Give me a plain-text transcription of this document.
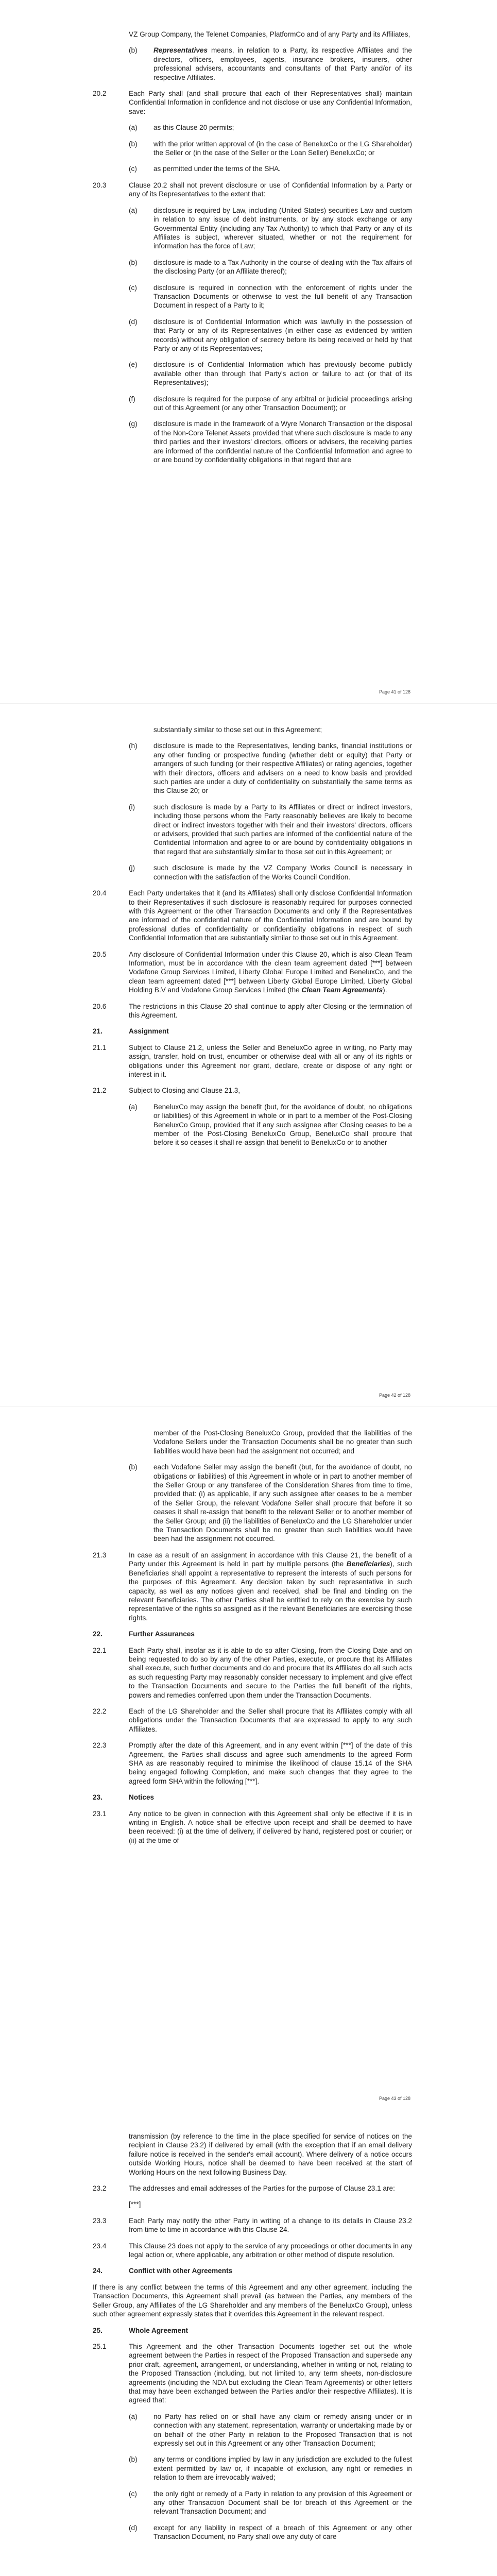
VZ Group Company, the Telenet Companies, PlatformCo and of any Party and its Affiliates,

(b)	Representatives means, in relation to a Party, its respective Affiliates and the directors, officers, employees, agents, insurance brokers, insurers, other professional advisers, accountants and consultants of that Party and/or of its respective Affiliates.
20.2	Each Party shall (and shall procure that each of their Representatives shall) maintain Confidential Information in confidence and not disclose or use any Confidential Information, save:
(a)	as this Clause 20 permits;
(b)	with the prior written approval of (in the case of BeneluxCo or the LG Shareholder) the Seller or (in the case of the Seller or the Loan Seller) BeneluxCo; or
(c)	as permitted under the terms of the SHA.
20.3	Clause 20.2 shall not prevent disclosure or use of Confidential Information by a Party or any of its Representatives to the extent that:
(a)	disclosure is required by Law, including (United States) securities Law and custom in relation to any issue of debt instruments, or by any stock exchange or any Governmental Entity (including any Tax Authority) to which that Party or any of its Affiliates is subject, wherever situated, whether or not the requirement for information has the force of Law;
(b)	disclosure is made to a Tax Authority in the course of dealing with the Tax affairs of the disclosing Party (or an Affiliate thereof);
(c)	disclosure is required in connection with the enforcement of rights under the Transaction Documents or otherwise to vest the full benefit of any Transaction Document in respect of a Party to it;
(d)	disclosure is of Confidential Information which was lawfully in the possession of that Party or any of its Representatives (in either case as evidenced by written records) without any obligation of secrecy before its being received or held by that Party or any of its Representatives;
(e)	disclosure is of Confidential Information which has previously become publicly available other than through that Party's action or failure to act (or that of its Representatives);
(f)	disclosure is required for the purpose of any arbitral or judicial proceedings arising out of this Agreement (or any other Transaction Document); or
(g)	disclosure is made in the framework of a Wyre Monarch Transaction or the disposal of the Non-Core Telenet Assets provided that where such disclosure is made to any third parties and their investors' directors, officers or advisers, the receiving parties are informed of the confidential nature of the Confidential Information and agree to or are bound by confidentiality obligations in that regard that are
Page 41 of 128

substantially similar to those set out in this Agreement;

(h)	disclosure is made to the Representatives, lending banks, financial institutions or any other funding or prospective funding (whether debt or equity) that Party or arrangers of such funding (or their respective Affiliates) or rating agencies, together with their directors, officers and advisers on a need to know basis and provided such parties are under a duty of confidentiality on substantially the same terms as this Clause 20; or
(i)	such disclosure is made by a Party to its Affiliates or direct or indirect investors, including those persons whom the Party reasonably believes are likely to become direct or indirect investors together with their and their investors' directors, officers or advisers, provided that such parties are informed of the confidential nature of the Confidential Information and agree to or are bound by confidentiality obligations in that regard that are substantially similar to those set out in this Agreement; or
(j)	such disclosure is made by the VZ Company Works Council is necessary in connection with the satisfaction of the Works Council Condition.
20.4	Each Party undertakes that it (and its Affiliates) shall only disclose Confidential Information to their Representatives if such disclosure is reasonably required for purposes connected with this Agreement or the other Transaction Documents and only if the Representatives are informed of the confidential nature of the Confidential Information and are bound by professional duties of confidentiality or confidentiality obligations in respect of such Confidential Information that are substantially similar to those set out in this Agreement.
20.5	Any disclosure of Confidential Information under this Clause 20, which is also Clean Team Information, must be in accordance with the clean team agreement dated [***] between Vodafone Group Services Limited, Liberty Global Europe Limited and BeneluxCo, and the clean team agreement dated [***] between Liberty Global Europe Limited, Liberty Global Holding B.V and Vodafone Group Services Limited (the Clean Team Agreements).
20.6	The restrictions in this Clause 20 shall continue to apply after Closing or the termination of this Agreement.
21.	Assignment
21.1	Subject to Clause 21.2, unless the Seller and BeneluxCo agree in writing, no Party may assign, transfer, hold on trust, encumber or otherwise deal with all or any of its rights or obligations under this Agreement nor grant, declare, create or dispose of any right or interest in it.
21.2	Subject to Closing and Clause 21.3,
(a)	BeneluxCo may assign the benefit (but, for the avoidance of doubt, no obligations or liabilities) of this Agreement in whole or in part to a member of the Post-Closing BeneluxCo Group, provided that if any such assignee after Closing ceases to be a member of the Post-Closing BeneluxCo Group, BeneluxCo shall procure that before it so ceases it shall re-assign that benefit to BeneluxCo or to another
Page 42 of 128

member of the Post-Closing BeneluxCo Group, provided that the liabilities of the Vodafone Sellers under the Transaction Documents shall be no greater than such liabilities would have been had the assignment not occurred; and

(b)	each Vodafone Seller may assign the benefit (but, for the avoidance of doubt, no obligations or liabilities) of this Agreement in whole or in part to another member of the Seller Group or any transferee of the Consideration Shares from time to time, provided that: (i) as applicable, if any such assignee after ceases to be a member of the Seller Group, the relevant Vodafone Seller shall procure that before it so ceases it shall re-assign that benefit to the relevant Seller or to another member of the Seller Group; and (ii) the liabilities of BeneluxCo and the LG Shareholder under the Transaction Documents shall be no greater than such liabilities would have been had the assignment not occurred.
21.3	In case as a result of an assignment in accordance with this Clause 21, the benefit of a Party under this Agreement is held in part by multiple persons (the Beneficiaries), such Beneficiaries shall appoint a representative to represent the interests of such persons for the purposes of this Agreement. Any decision taken by such representative in such capacity, as well as any notices given and received, shall be final and binding on the relevant Beneficiaries. The other Parties shall be entitled to rely on the exercise by such representative of the rights so assigned as if the relevant Beneficiaries are exercising those rights.
22.	Further Assurances
22.1	Each Party shall, insofar as it is able to do so after Closing, from the Closing Date and on being requested to do so by any of the other Parties, execute, or procure that its Affiliates shall execute, such further documents and do and procure that its Affiliates do all such acts as such requesting Party may reasonably consider necessary to implement and give effect to the Transaction Documents and secure to the Parties the full benefit of the rights, powers and remedies conferred upon them under the Transaction Documents.
22.2	Each of the LG Shareholder and the Seller shall procure that its Affiliates comply with all obligations under the Transaction Documents that are expressed to apply to any such Affiliates.
22.3	Promptly after the date of this Agreement, and in any event within [***] of the date of this Agreement, the Parties shall discuss and agree such amendments to the agreed Form SHA as are reasonably required to minimise the likelihood of clause 15.14 of the SHA being engaged following Completion, and make such changes that they agree to the agreed form SHA within the following [***].
23.	Notices
23.1	Any notice to be given in connection with this Agreement shall only be effective if it is in writing in English. A notice shall be effective upon receipt and shall be deemed to have been received: (i) at the time of delivery, if delivered by hand, registered post or courier; or (ii) at the time of
Page 43 of 128

transmission (by reference to the time in the place specified for service of notices on the recipient in Clause 23.2) if delivered by email (with the exception that if an email delivery failure notice is received in the sender's email account). Where delivery of a notice occurs outside Working Hours, notice shall be deemed to have been received at the start of Working Hours on the next following Business Day.

23.2	The addresses and email addresses of the Parties for the purpose of Clause 23.1 are:

[***]

23.3	Each Party may notify the other Party in writing of a change to its details in Clause 23.2 from time to time in accordance with this Clause 24.
23.4	This Clause 23 does not apply to the service of any proceedings or other documents in any legal action or, where applicable, any arbitration or other method of dispute resolution.
24.	Conflict with other Agreements

If there is any conflict between the terms of this Agreement and any other agreement, including the Transaction Documents, this Agreement shall prevail (as between the Parties, any members of the Seller Group, any Affiliates of the LG Shareholder and any members of the BeneluxCo Group), unless such other agreement expressly states that it overrides this Agreement in the relevant respect.

25.	Whole Agreement
25.1	This Agreement and the other Transaction Documents together set out the whole agreement between the Parties in respect of the Proposed Transaction and supersede any prior draft, agreement, arrangement, or understanding, whether in writing or not, relating to the Proposed Transaction (including, but not limited to, any term sheets, non-disclosure agreements (including the NDA but excluding the Clean Team Agreements) or other letters that may have been exchanged between the Parties and/or their respective Affiliates). It is agreed that:
(a)	no Party has relied on or shall have any claim or remedy arising under or in connection with any statement, representation, warranty or undertaking made by or on behalf of the other Party in relation to the Proposed Transaction that is not expressly set out in this Agreement or any other Transaction Document;
(b)	any terms or conditions implied by law in any jurisdiction are excluded to the fullest extent permitted by law or, if incapable of exclusion, any right or remedies in relation to them are irrevocably waived;
(c)	the only right or remedy of a Party in relation to any provision of this Agreement or any other Transaction Document shall be for breach of this Agreement or the relevant Transaction Document; and
(d)	except for any liability in respect of a breach of this Agreement or any other Transaction Document, no Party shall owe any duty of care
